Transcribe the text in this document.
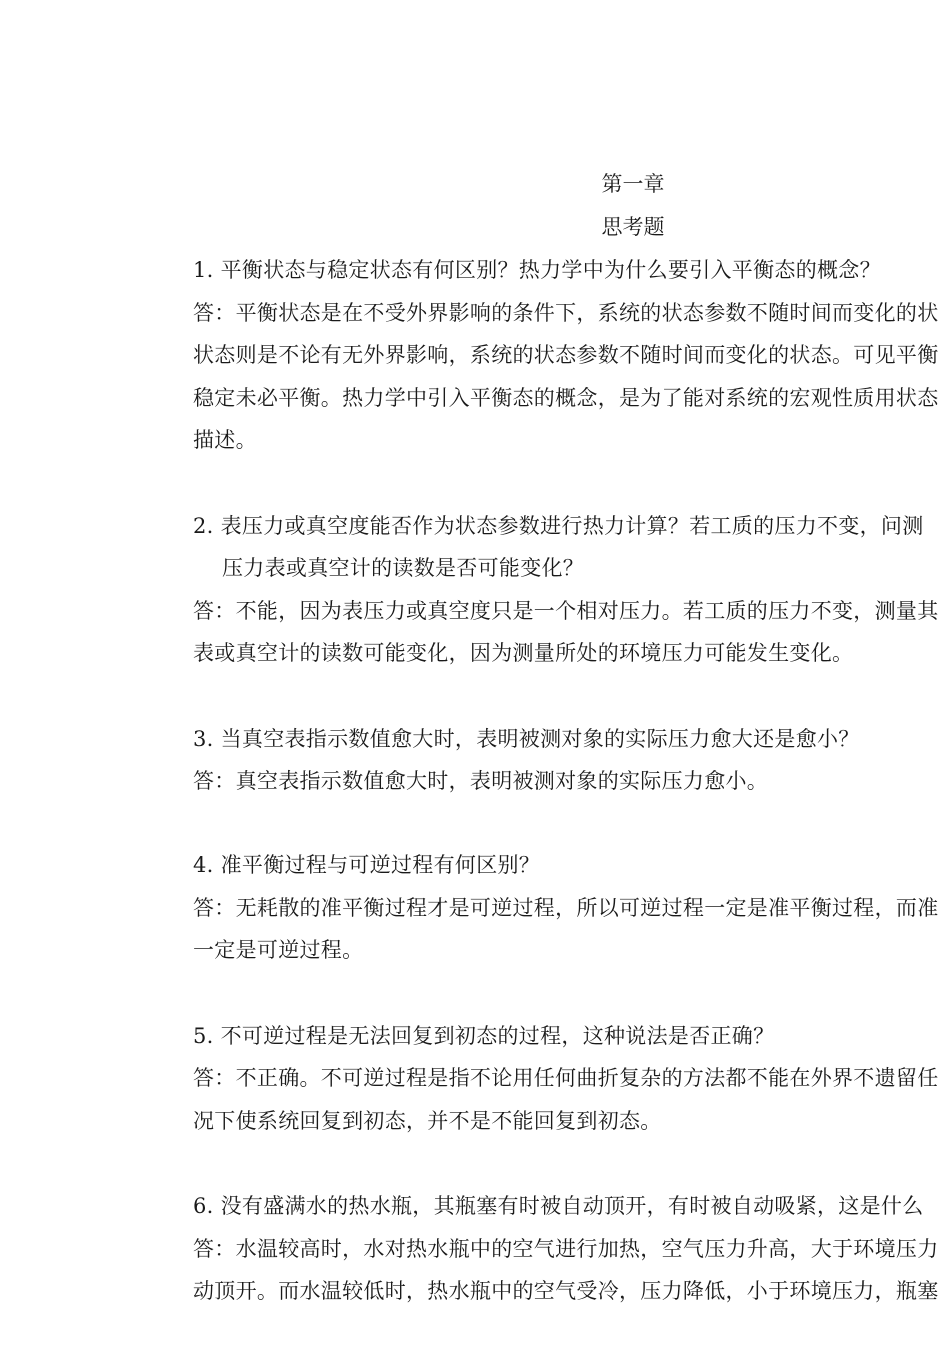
第一章
思考题
1. 平衡状态与稳定状态有何区别？热力学中为什么要引入平衡态的概念？
答：平衡状态是在不受外界影响的条件下，系统的状态参数不随时间而变化的状
状态则是不论有无外界影响，系统的状态参数不随时间而变化的状态。可见平衡
稳定未必平衡。热力学中引入平衡态的概念，是为了能对系统的宏观性质用状态
描述。
2. 表压力或真空度能否作为状态参数进行热力计算？若工质的压力不变，问测
压力表或真空计的读数是否可能变化？
答：不能，因为表压力或真空度只是一个相对压力。若工质的压力不变，测量其
表或真空计的读数可能变化，因为测量所处的环境压力可能发生变化。
3. 当真空表指示数值愈大时，表明被测对象的实际压力愈大还是愈小？
答：真空表指示数值愈大时，表明被测对象的实际压力愈小。
4. 准平衡过程与可逆过程有何区别？
答：无耗散的准平衡过程才是可逆过程，所以可逆过程一定是准平衡过程，而准
一定是可逆过程。
5. 不可逆过程是无法回复到初态的过程，这种说法是否正确？
答：不正确。不可逆过程是指不论用任何曲折复杂的方法都不能在外界不遗留任
况下使系统回复到初态，并不是不能回复到初态。
6. 没有盛满水的热水瓶，其瓶塞有时被自动顶开，有时被自动吸紧，这是什么
答：水温较高时，水对热水瓶中的空气进行加热，空气压力升高，大于环境压力
动顶开。而水温较低时，热水瓶中的空气受冷，压力降低，小于环境压力，瓶塞
